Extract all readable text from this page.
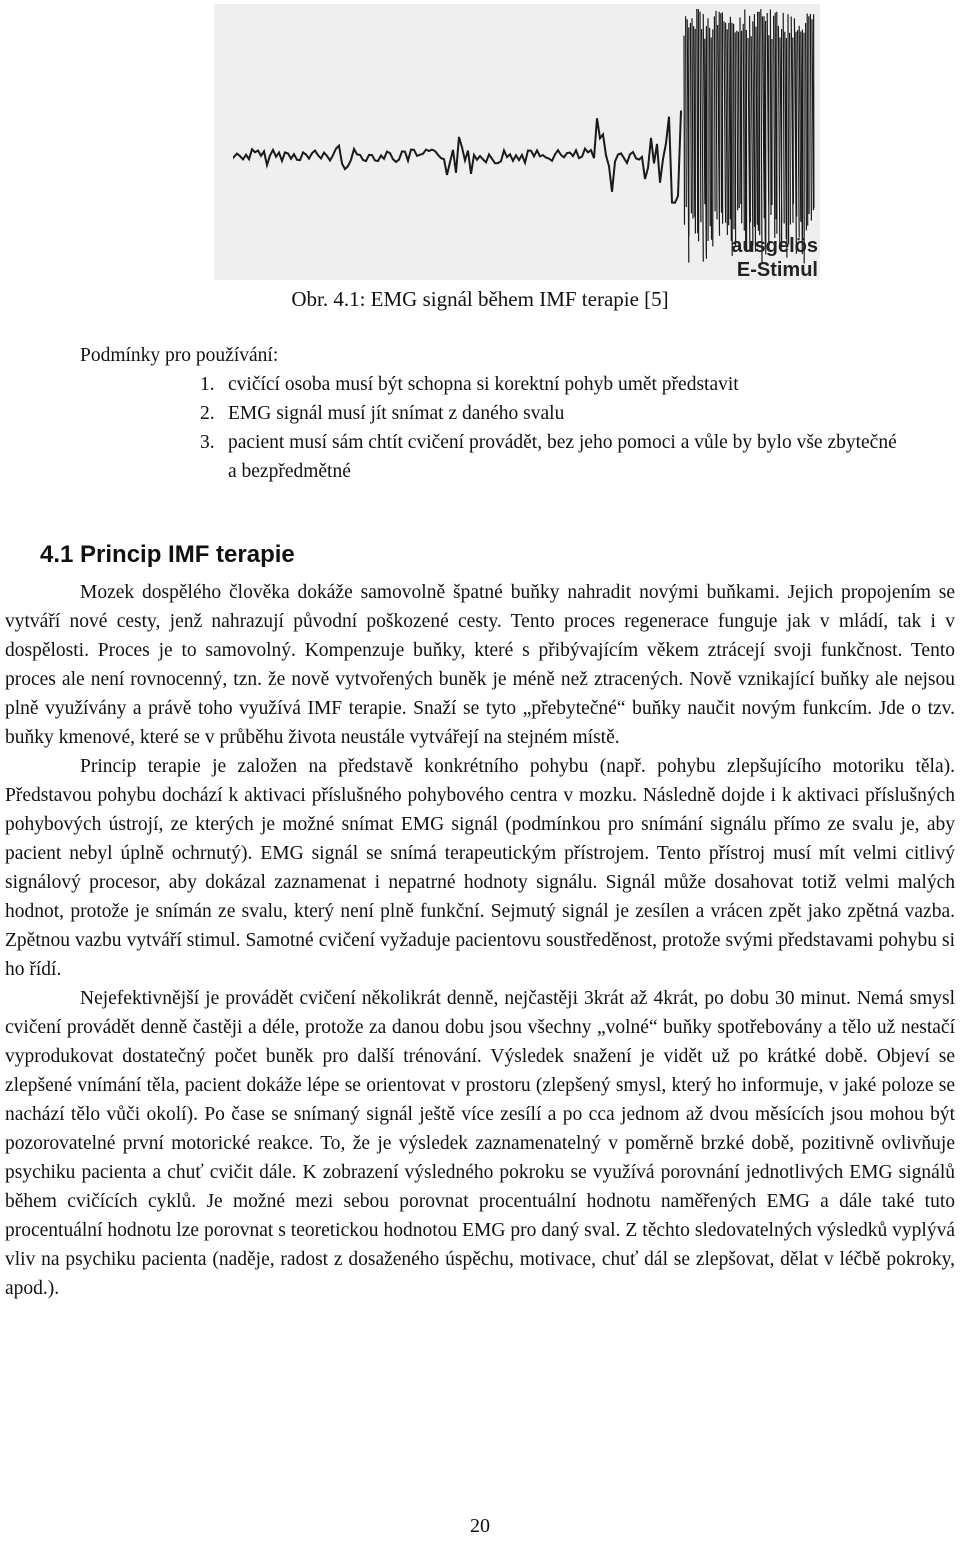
ausgelös
E-Stimul
Obr. 4.1: EMG signál během IMF terapie [5]

Podmínky pro používání:

1. cvičící osoba musí být schopna si korektní pohyb umět představit
2. EMG signál musí jít snímat z daného svalu
3. pacient musí sám chtít cvičení provádět, bez jeho pomoci a vůle by bylo vše zbytečné a bezpředmětné
4.1 Princip IMF terapie

Mozek dospělého člověka dokáže samovolně špatné buňky nahradit novými buňkami. Jejich propojením se vytváří nové cesty, jenž nahrazují původní poškozené cesty. Tento proces regenerace funguje jak v mládí, tak i v dospělosti. Proces je to samovolný. Kompenzuje buňky, které s přibývajícím věkem ztrácejí svoji funkčnost. Tento proces ale není rovnocenný, tzn. že nově vytvořených buněk je méně než ztracených. Nově vznikající buňky ale nejsou plně využívány a právě toho využívá IMF terapie. Snaží se tyto „přebytečné“ buňky naučit novým funkcím. Jde o tzv. buňky kmenové, které se v průběhu života neustále vytvářejí na stejném místě.

Princip terapie je založen na představě konkrétního pohybu (např. pohybu zlepšujícího motoriku těla). Představou pohybu dochází k aktivaci příslušného pohybového centra v mozku. Následně dojde i k aktivaci příslušných pohybových ústrojí, ze kterých je možné snímat EMG signál (podmínkou pro snímání signálu přímo ze svalu je, aby pacient nebyl úplně ochrnutý). EMG signál se snímá terapeutickým přístrojem. Tento přístroj musí mít velmi citlivý signálový procesor, aby dokázal zaznamenat i nepatrné hodnoty signálu. Signál může dosahovat totiž velmi malých hodnot, protože je snímán ze svalu, který není plně funkční. Sejmutý signál je zesílen a vrácen zpět jako zpětná vazba. Zpětnou vazbu vytváří stimul. Samotné cvičení vyžaduje pacientovu soustředěnost, protože svými představami pohybu si ho řídí.

Nejefektivnější je provádět cvičení několikrát denně, nejčastěji 3krát až 4krát, po dobu 30 minut. Nemá smysl cvičení provádět denně častěji a déle, protože za danou dobu jsou všechny „volné“ buňky spotřebovány a tělo už nestačí vyprodukovat dostatečný počet buněk pro další trénování. Výsledek snažení je vidět už po krátké době. Objeví se zlepšené vnímání těla, pacient dokáže lépe se orientovat v prostoru (zlepšený smysl, který ho informuje, v jaké poloze se nachází tělo vůči okolí). Po čase se snímaný signál ještě více zesílí a po cca jednom až dvou měsících jsou mohou být pozorovatelné první motorické reakce. To, že je výsledek zaznamenatelný v poměrně brzké době, pozitivně ovlivňuje psychiku pacienta a chuť cvičit dále. K zobrazení výsledného pokroku se využívá porovnání jednotlivých EMG signálů během cvičících cyklů. Je možné mezi sebou porovnat procentuální hodnotu naměřených EMG a dále také tuto procentuální hodnotu lze porovnat s teoretickou hodnotou EMG pro daný sval. Z těchto sledovatelných výsledků vyplývá vliv na psychiku pacienta (naděje, radost z dosaženého úspěchu, motivace, chuť dál se zlepšovat, dělat v léčbě pokroky, apod.).

20
